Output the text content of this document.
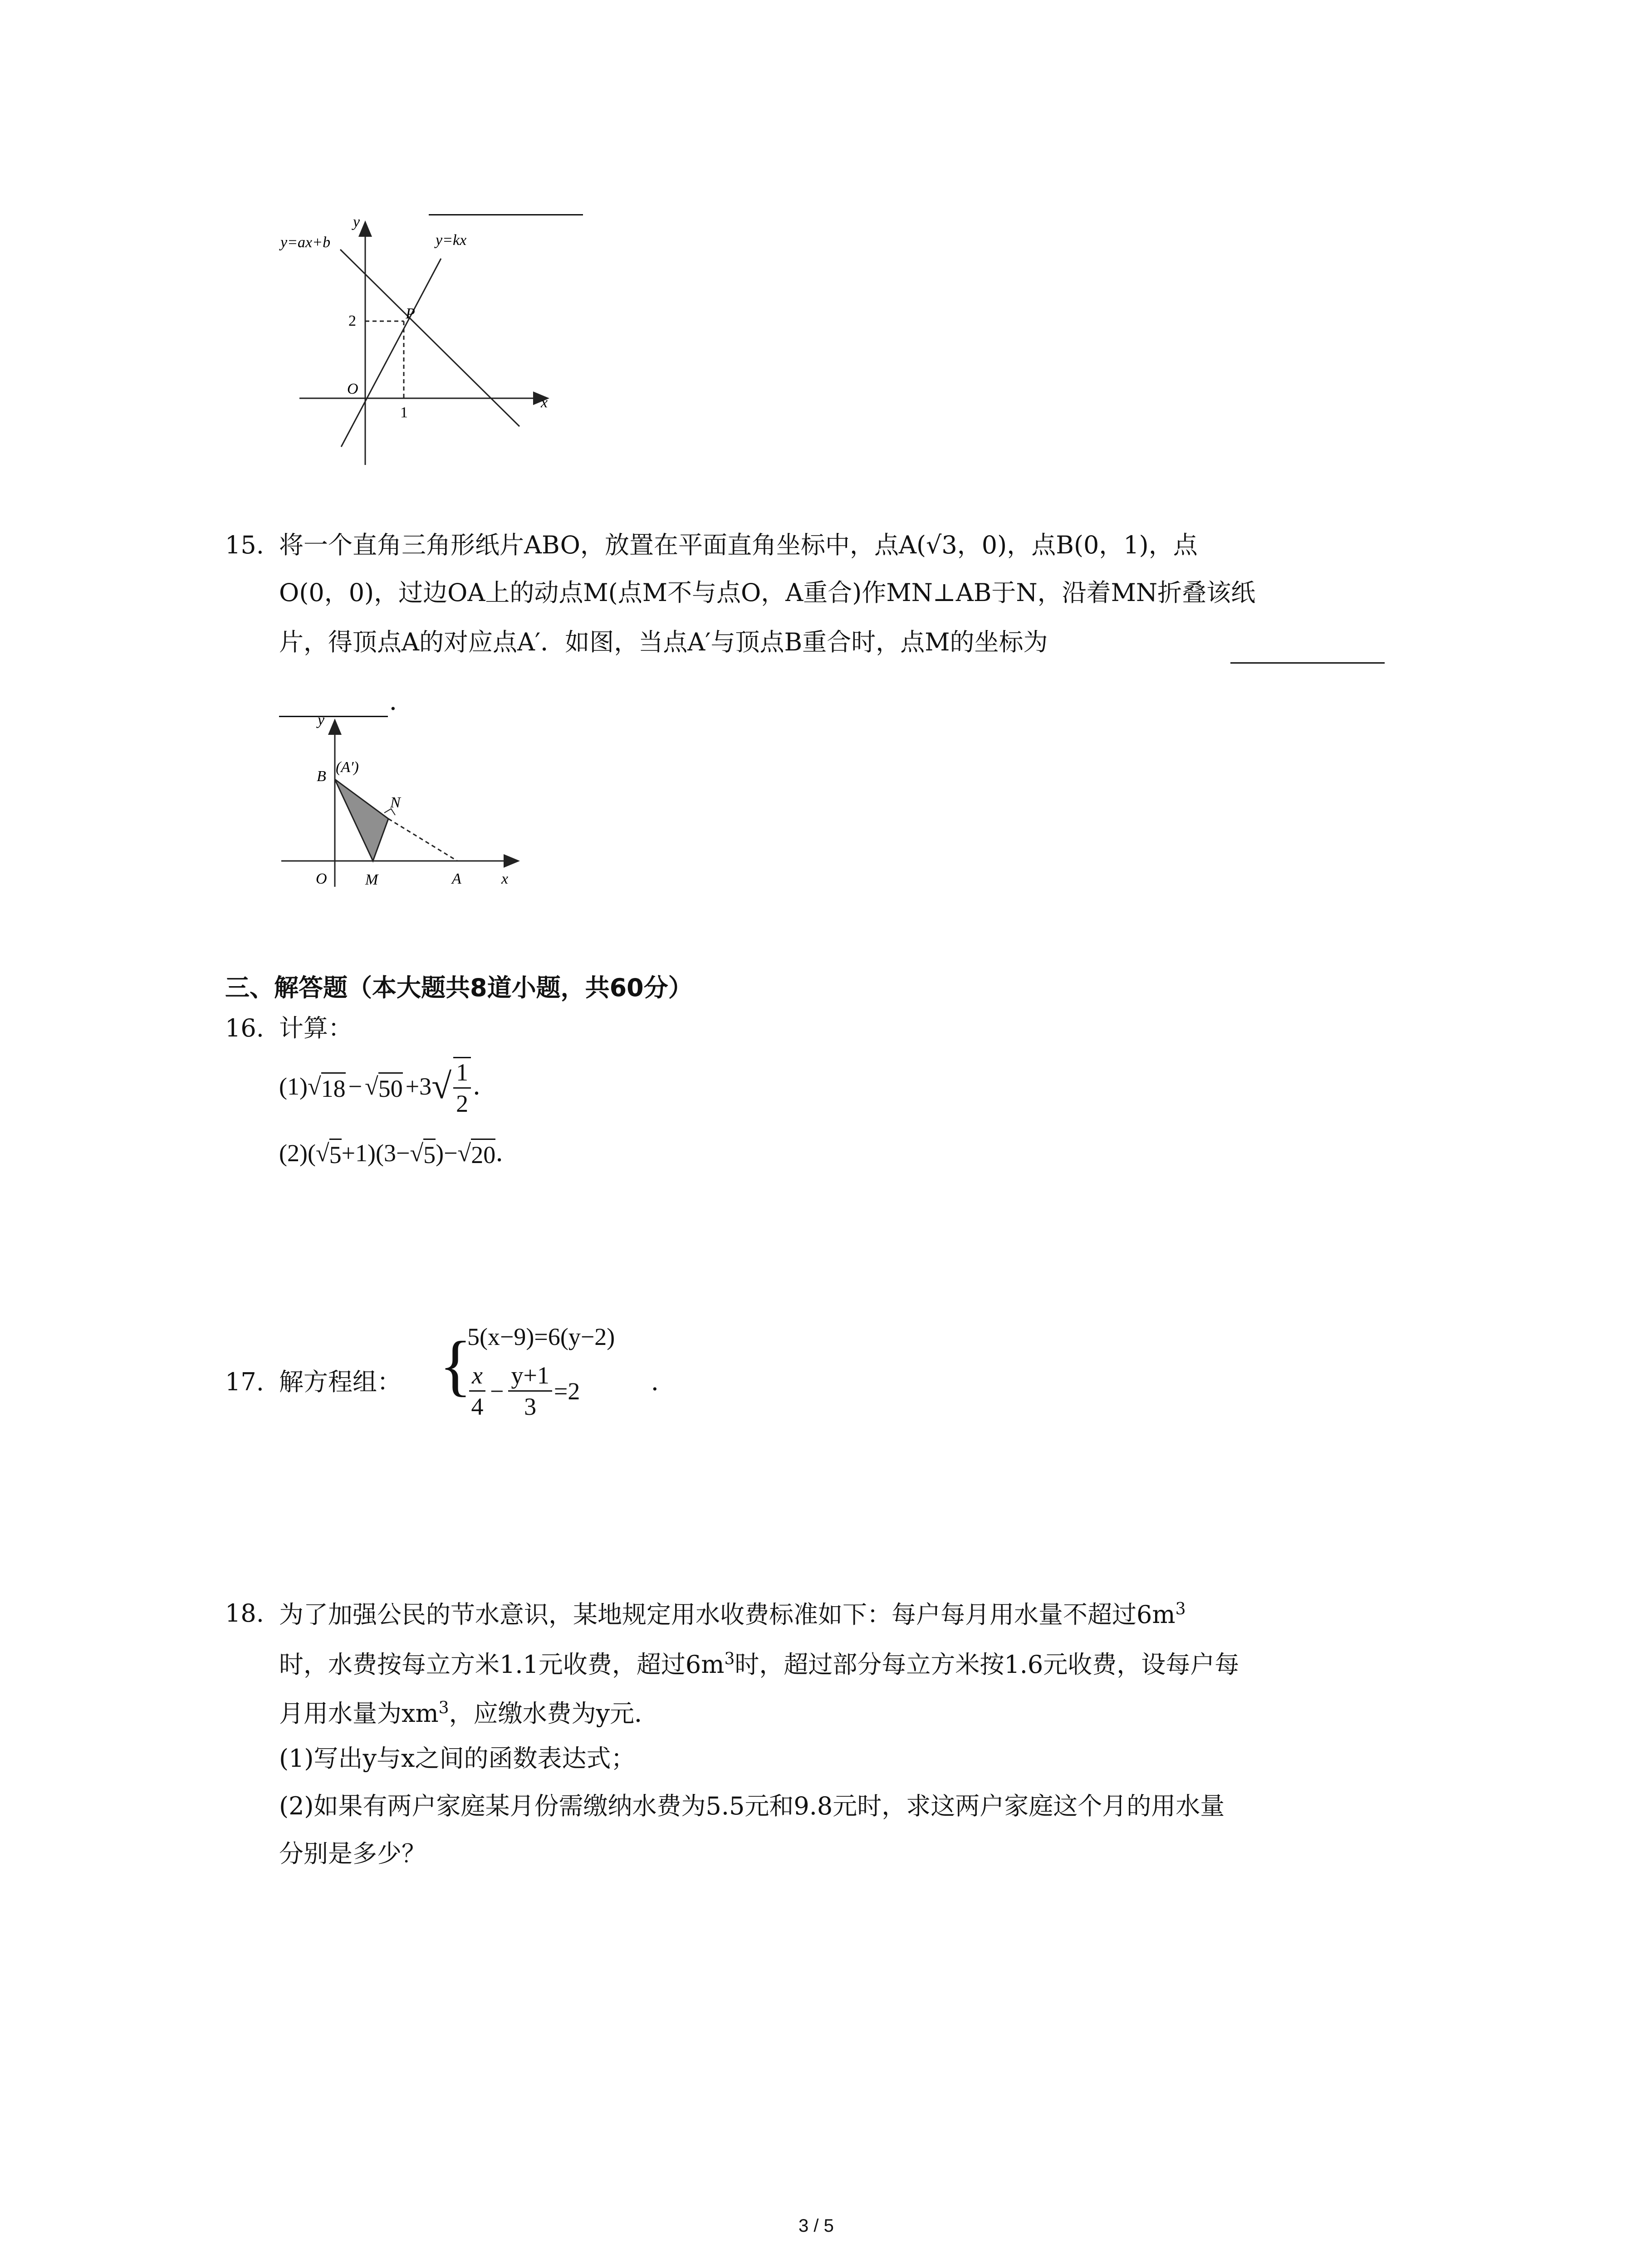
y
y=ax+b	y=kx
P
2
O
1
x
15. 将一个直角三角形纸片ABO，放置在平面直角坐标中，点A(√3，0)，点B(0，1)，点
O(0，0)，过边OA上的动点M(点M不与点O，A重合)作MN⊥AB于N，沿着MN折叠该纸
片，得顶点A的对应点A′．如图，当点A′与顶点B重合时，点M的坐标为
．
y
B
(A′)
N
O M	A	x
三、解答题（本大题共8道小题，共60分）
16. 计算：
(1) √ 18 − √ 50 +3 √ $\frac{1}{2}$ ．
(2)( √ 5 +1)(3− √ 5 )− √ 20 ．
17. 解方程组： {
5(x−9)=6(y−2)
$\frac{x}{4} - \frac{y+1}{3} =2$	．
18. 为了加强公民的节水意识，某地规定用水收费标准如下：每户每月用水量不超过$6m^3$
时，水费按每立方米1.1元收费，超过$6m^3$时，超过部分每立方米按1.6元收费，设每户每
月用水量为$xm^3$，应缴水费为y元．
(1)写出y与x之间的函数表达式；
(2)如果有两户家庭某月份需缴纳水费为5.5元和9.8元时，求这两户家庭这个月的用水量
分别是多少？
3 / 5
